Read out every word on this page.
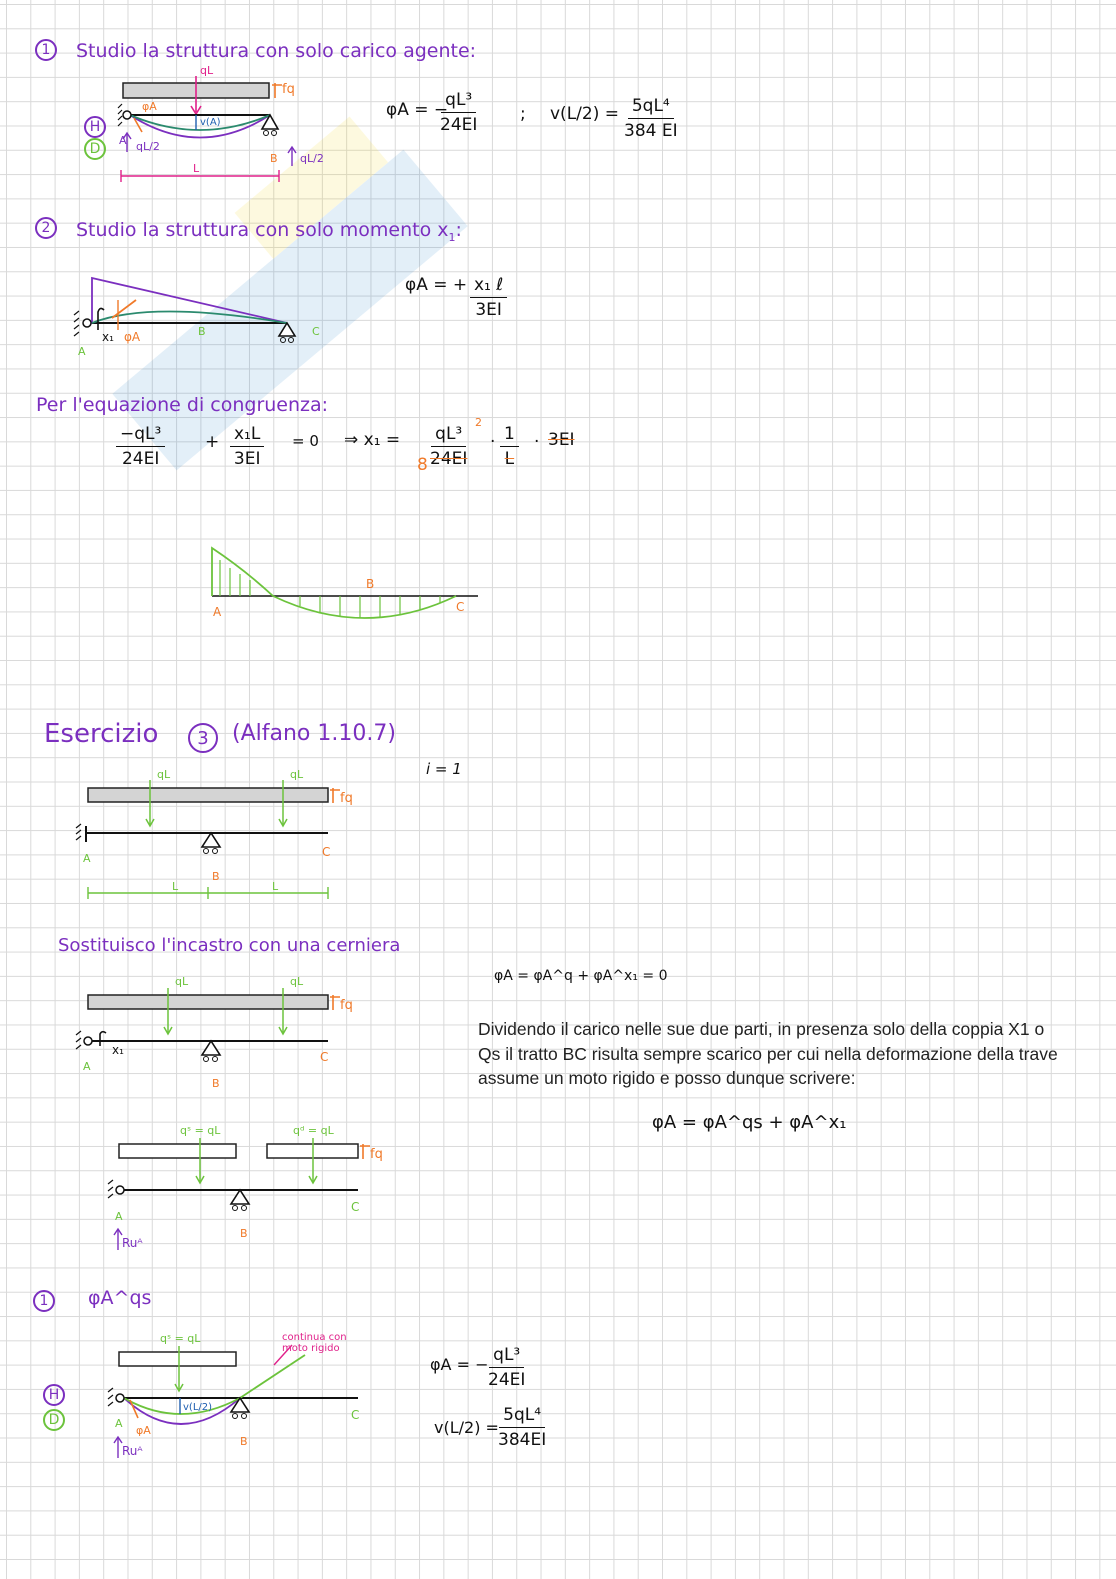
1 Studio la struttura con solo carico agente:
qL
fq
φA
v(A)
H
D
A qL/2
B qL/2
L
φA = −
$\frac{\text{qL³}}{24EI}$	; $v(L/2) = \frac{\text{5qL⁴}}{384 EI}$
2 Studio la struttura con solo momento $x_1$:
x₁ φA
A
B	C
φA = + x₁ ℓ
3EI
Per l'equazione di congruenza:
$\frac{\text{−qL³}}{24EI} + \frac{\text{x₁L}}{3EI} = 0$ ⇒ $x_1 = \frac{\text{qL³}}{24EI}$
2
8
· $\frac{1}{L} \cdot 3EI$
A
B
C
Esercizio 3 (Alfano 1.10.7)
i = 1
qL	qL
fq
A
B
C
L	L
Sostituisco l'incastro con una cerniera
φA = φA^q + φA^x₁ = 0
qL	qL
fq
x₁
A
B
C
Dividendo il carico nelle sue due parti, in presenza solo della coppia X1 o Qs il tratto BC risulta sempre scarico per cui nella deformazione della trave assume un moto rigido e posso dunque scrivere:
φA = φA^qs + φA^x₁
qˢ = qL	qᵈ = qL
fq
A
B
C
Ruᴬ
1 φA^qs
qˢ = qL	continua con moto rigido
H
D
v(L/2)
A
φA
B
C
Ruᴬ
φA = − $\frac{\text{qL³}}{24EI}$
$v(L/2) = \frac{\text{5qL⁴}}{384EI}$
